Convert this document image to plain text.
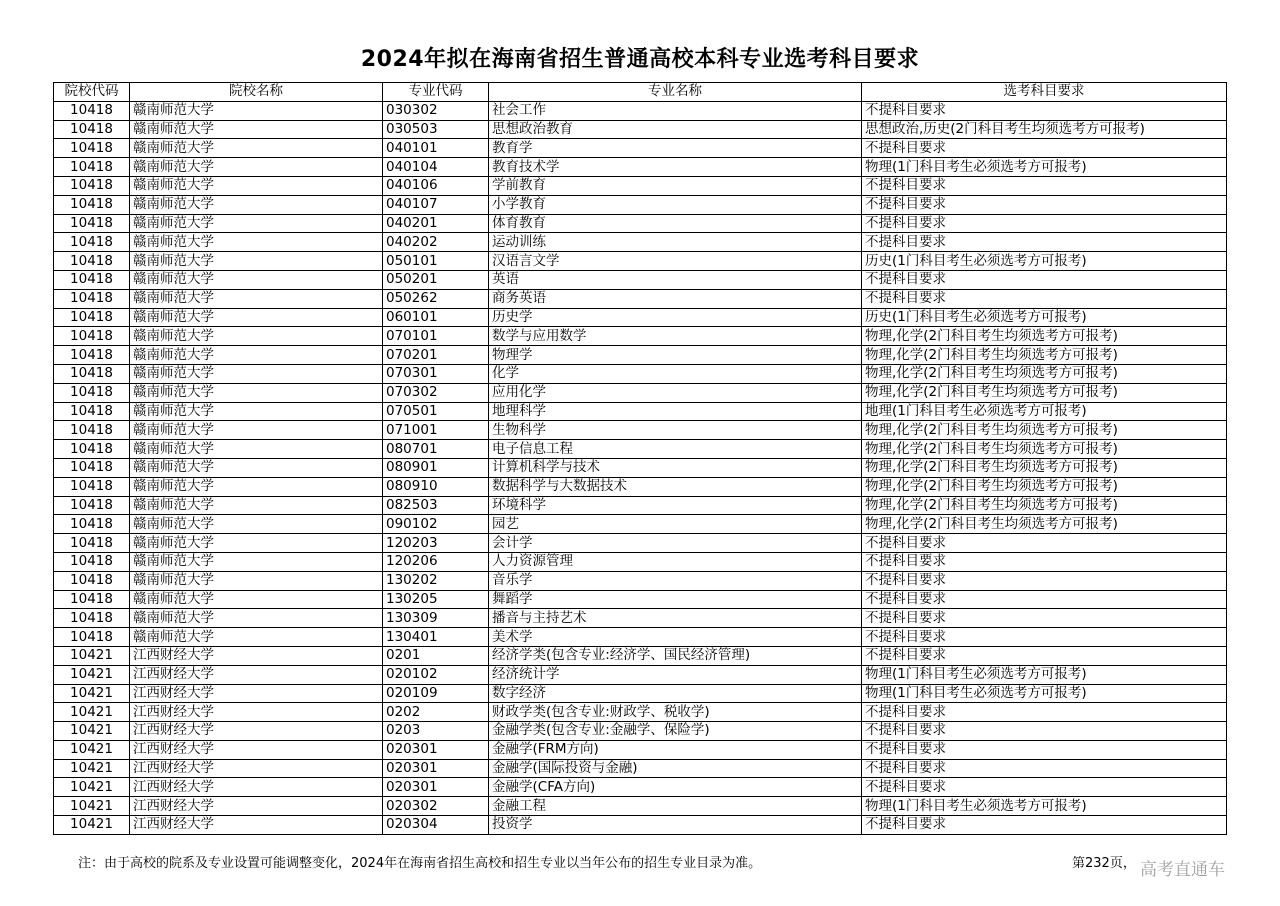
2024年拟在海南省招生普通高校本科专业选考科目要求
院校代码	院校名称	专业代码	专业名称	选考科目要求
10418	赣南师范大学	030302	社会工作	不提科目要求
10418	赣南师范大学	030503	思想政治教育	思想政治,历史(2门科目考生均须选考方可报考)
10418	赣南师范大学	040101	教育学	不提科目要求
10418	赣南师范大学	040104	教育技术学	物理(1门科目考生必须选考方可报考)
10418	赣南师范大学	040106	学前教育	不提科目要求
10418	赣南师范大学	040107	小学教育	不提科目要求
10418	赣南师范大学	040201	体育教育	不提科目要求
10418	赣南师范大学	040202	运动训练	不提科目要求
10418	赣南师范大学	050101	汉语言文学	历史(1门科目考生必须选考方可报考)
10418	赣南师范大学	050201	英语	不提科目要求
10418	赣南师范大学	050262	商务英语	不提科目要求
10418	赣南师范大学	060101	历史学	历史(1门科目考生必须选考方可报考)
10418	赣南师范大学	070101	数学与应用数学	物理,化学(2门科目考生均须选考方可报考)
10418	赣南师范大学	070201	物理学	物理,化学(2门科目考生均须选考方可报考)
10418	赣南师范大学	070301	化学	物理,化学(2门科目考生均须选考方可报考)
10418	赣南师范大学	070302	应用化学	物理,化学(2门科目考生均须选考方可报考)
10418	赣南师范大学	070501	地理科学	地理(1门科目考生必须选考方可报考)
10418	赣南师范大学	071001	生物科学	物理,化学(2门科目考生均须选考方可报考)
10418	赣南师范大学	080701	电子信息工程	物理,化学(2门科目考生均须选考方可报考)
10418	赣南师范大学	080901	计算机科学与技术	物理,化学(2门科目考生均须选考方可报考)
10418	赣南师范大学	080910	数据科学与大数据技术	物理,化学(2门科目考生均须选考方可报考)
10418	赣南师范大学	082503	环境科学	物理,化学(2门科目考生均须选考方可报考)
10418	赣南师范大学	090102	园艺	物理,化学(2门科目考生均须选考方可报考)
10418	赣南师范大学	120203	会计学	不提科目要求
10418	赣南师范大学	120206	人力资源管理	不提科目要求
10418	赣南师范大学	130202	音乐学	不提科目要求
10418	赣南师范大学	130205	舞蹈学	不提科目要求
10418	赣南师范大学	130309	播音与主持艺术	不提科目要求
10418	赣南师范大学	130401	美术学	不提科目要求
10421	江西财经大学	0201	经济学类(包含专业:经济学、国民经济管理)	不提科目要求
10421	江西财经大学	020102	经济统计学	物理(1门科目考生必须选考方可报考)
10421	江西财经大学	020109	数字经济	物理(1门科目考生必须选考方可报考)
10421	江西财经大学	0202	财政学类(包含专业:财政学、税收学)	不提科目要求
10421	江西财经大学	0203	金融学类(包含专业:金融学、保险学)	不提科目要求
10421	江西财经大学	020301	金融学(FRM方向)	不提科目要求
10421	江西财经大学	020301	金融学(国际投资与金融)	不提科目要求
10421	江西财经大学	020301	金融学(CFA方向)	不提科目要求
10421	江西财经大学	020302	金融工程	物理(1门科目考生必须选考方可报考)
10421	江西财经大学	020304	投资学	不提科目要求
注：由于高校的院系及专业设置可能调整变化，2024年在海南省招生高校和招生专业以当年公布的招生专业目录为准。	第232页， 高考直通车
